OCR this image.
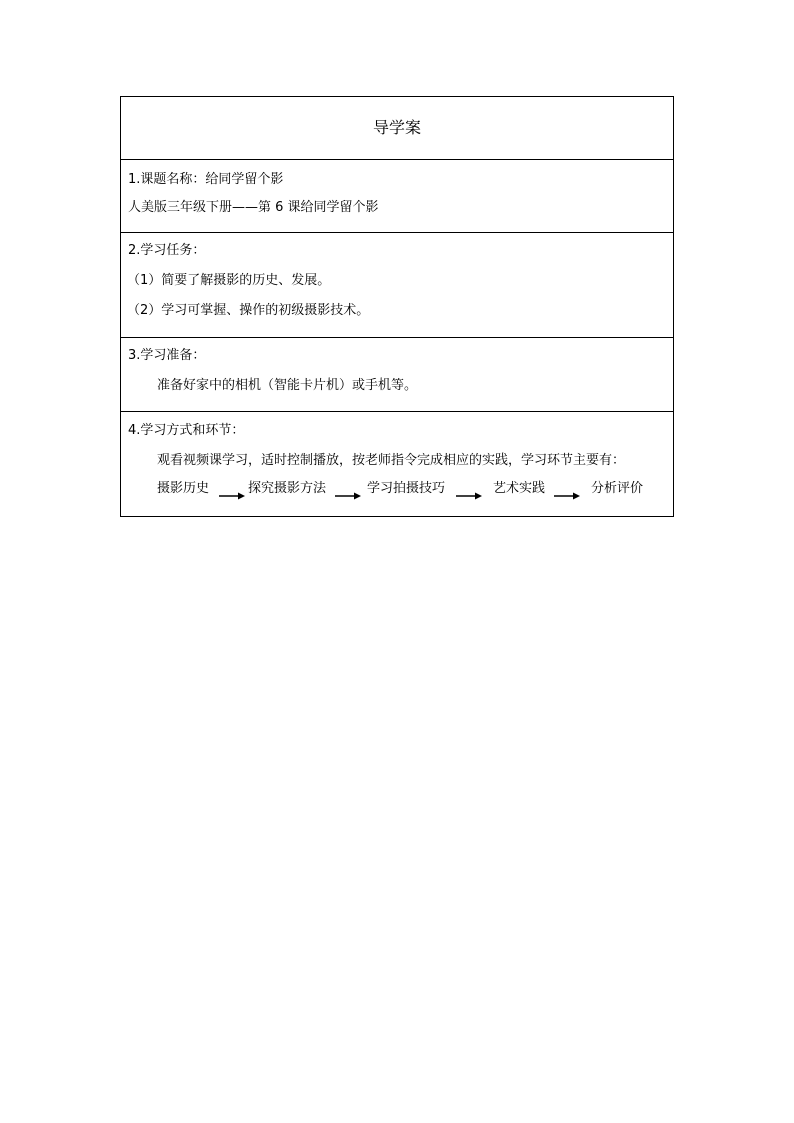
导学案

1.课题名称：给同学留个影
人美版三年级下册——第 6 课给同学留个影

2.学习任务：
（1）简要了解摄影的历史、发展。
（2）学习可掌握、操作的初级摄影技术。

3.学习准备：
准备好家中的相机（智能卡片机）或手机等。

4.学习方式和环节：
观看视频课学习，适时控制播放，按老师指令完成相应的实践，学习环节主要有：
摄影历史	探究摄影方法	学习拍摄技巧	艺术实践	分析评价
